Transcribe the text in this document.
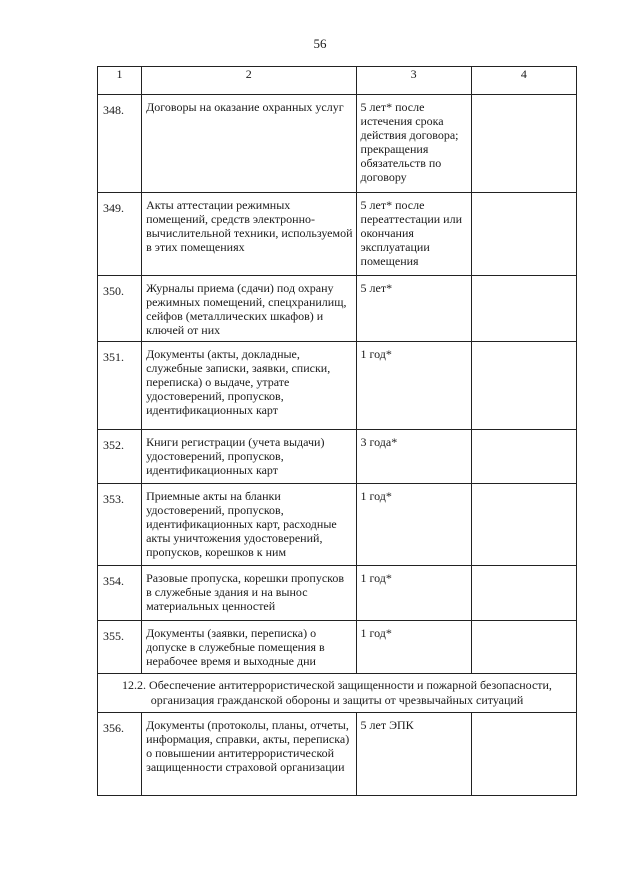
56
1	2	3	4
348.	Договоры на оказание охранных услуг	5 лет* после истечения срока действия договора; прекращения обязательств по договору	
349.	Акты аттестации режимных помещений, средств электронно-вычислительной техники, используемой в этих помещениях	5 лет* после переаттестации или окончания эксплуатации помещения	
350.	Журналы приема (сдачи) под охрану режимных помещений, спецхранилищ, сейфов (металлических шкафов) и ключей от них	5 лет*	
351.	Документы (акты, докладные, служебные записки, заявки, списки, переписка) о выдаче, утрате удостоверений, пропусков, идентификационных карт	1 год*	
352.	Книги регистрации (учета выдачи) удостоверений, пропусков, идентификационных карт	3 года*	
353.	Приемные акты на бланки удостоверений, пропусков, идентификационных карт, расходные акты уничтожения удостоверений, пропусков, корешков к ним	1 год*	
354.	Разовые пропуска, корешки пропусков в служебные здания и на вынос материальных ценностей	1 год*	
355.	Документы (заявки, переписка) о допуске в служебные помещения в нерабочее время и выходные дни	1 год*	

12.2. Обеспечение антитеррористической защищенности и пожарной безопасности,
организация гражданской обороны и защиты от чрезвычайных ситуаций			

356.	Документы (протоколы, планы, отчеты, информация, справки, акты, переписка) о повышении антитеррористической защищенности страховой организации	5 лет ЭПК	
